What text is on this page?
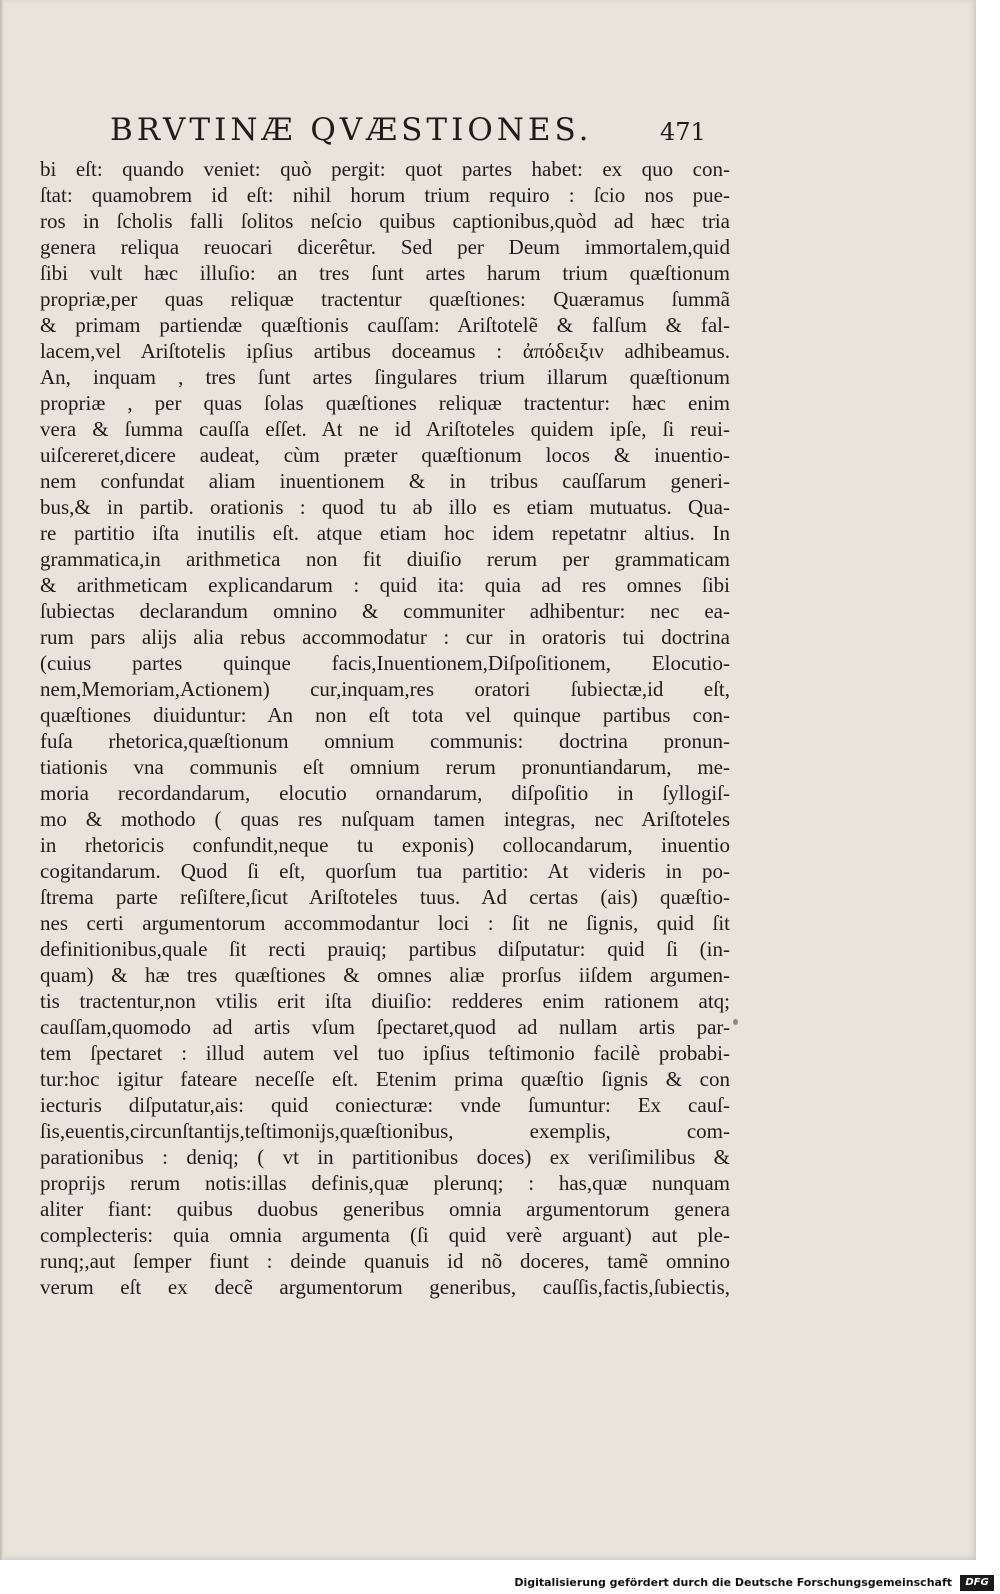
BRVTINÆ QVÆSTIONES.	471
bi eſt: quando veniet: quò pergit: quot partes habet: ex quo con-
ſtat: quamobrem id eſt: nihil horum trium requiro : ſcio nos pue-
ros in ſcholis falli ſolitos neſcio quibus captionibus,quòd ad hæc tria
genera reliqua reuocari dicerêtur. Sed per Deum immortalem,quid
ſibi vult hæc illuſio: an tres ſunt artes harum trium quæſtionum
propriæ,per quas reliquæ tractentur quæſtiones: Quæramus ſummã
& primam partiendæ quæſtionis cauſſam: Ariſtotelẽ & falſum & fal-
lacem,vel Ariſtotelis ipſius artibus doceamus : ἀπόδειξιν adhibeamus.
An, inquam , tres ſunt artes ſingulares trium illarum quæſtionum
propriæ , per quas ſolas quæſtiones reliquæ tractentur: hæc enim
vera & ſumma cauſſa eſſet. At ne id Ariſtoteles quidem ipſe, ſi reui-
uiſcereret,dicere audeat, cùm præter quæſtionum locos & inuentio-
nem confundat aliam inuentionem & in tribus cauſſarum generi-
bus,& in partib. orationis : quod tu ab illo es etiam mutuatus. Qua-
re partitio iſta inutilis eſt. atque etiam hoc idem repetatnr altius. In
grammatica,in arithmetica non fit diuiſio rerum per grammaticam
& arithmeticam explicandarum : quid ita: quia ad res omnes ſibi
ſubiectas declarandum omnino & communiter adhibentur: nec ea-
rum pars alijs alia rebus accommodatur : cur in oratoris tui doctrina
(cuius partes quinque facis,Inuentionem,Diſpoſitionem, Elocutio-
nem,Memoriam,Actionem) cur,inquam,res oratori ſubiectæ,id eſt,
quæſtiones diuiduntur: An non eſt tota vel quinque partibus con-
fuſa rhetorica,quæſtionum omnium communis: doctrina pronun-
tiationis vna communis eſt omnium rerum pronuntiandarum, me-
moria recordandarum, elocutio ornandarum, diſpoſitio in ſyllogiſ-
mo & mothodo ( quas res nuſquam tamen integras, nec Ariſtoteles
in rhetoricis confundit,neque tu exponis) collocandarum, inuentio
cogitandarum. Quod ſi eſt, quorſum tua partitio: At videris in po-
ſtrema parte reſiſtere,ſicut Ariſtoteles tuus. Ad certas (ais) quæſtio-
nes certi argumentorum accommodantur loci : ſit ne ſignis, quid ſit
definitionibus,quale ſit recti prauiq; partibus diſputatur: quid ſi (in-
quam) & hæ tres quæſtiones & omnes aliæ prorſus iiſdem argumen-
tis tractentur,non vtilis erit iſta diuiſio: redderes enim rationem atq;
cauſſam,quomodo ad artis vſum ſpectaret,quod ad nullam artis par-
tem ſpectaret : illud autem vel tuo ipſius teſtimonio facilè probabi-
tur:hoc igitur fateare neceſſe eſt. Etenim prima quæſtio ſignis & con
iecturis diſputatur,ais: quid coniecturæ: vnde ſumuntur: Ex cauſ-
ſis,euentis,circunſtantijs,teſtimonijs,quæſtionibus, exemplis, com-
parationibus : deniq; ( vt in partitionibus doces) ex veriſimilibus &
proprijs rerum notis:illas definis,quæ plerunq; : has,quæ nunquam
aliter fiant: quibus duobus generibus omnia argumentorum genera
complecteris: quia omnia argumenta (ſi quid verè arguant) aut ple-
runq;,aut ſemper fiunt : deinde quanuis id nõ doceres, tamẽ omnino
verum eſt ex decẽ argumentorum generibus, cauſſis,factis,ſubiectis,
Digitalisierung gefördert durch die Deutsche Forschungsgemeinschaft	DFG
